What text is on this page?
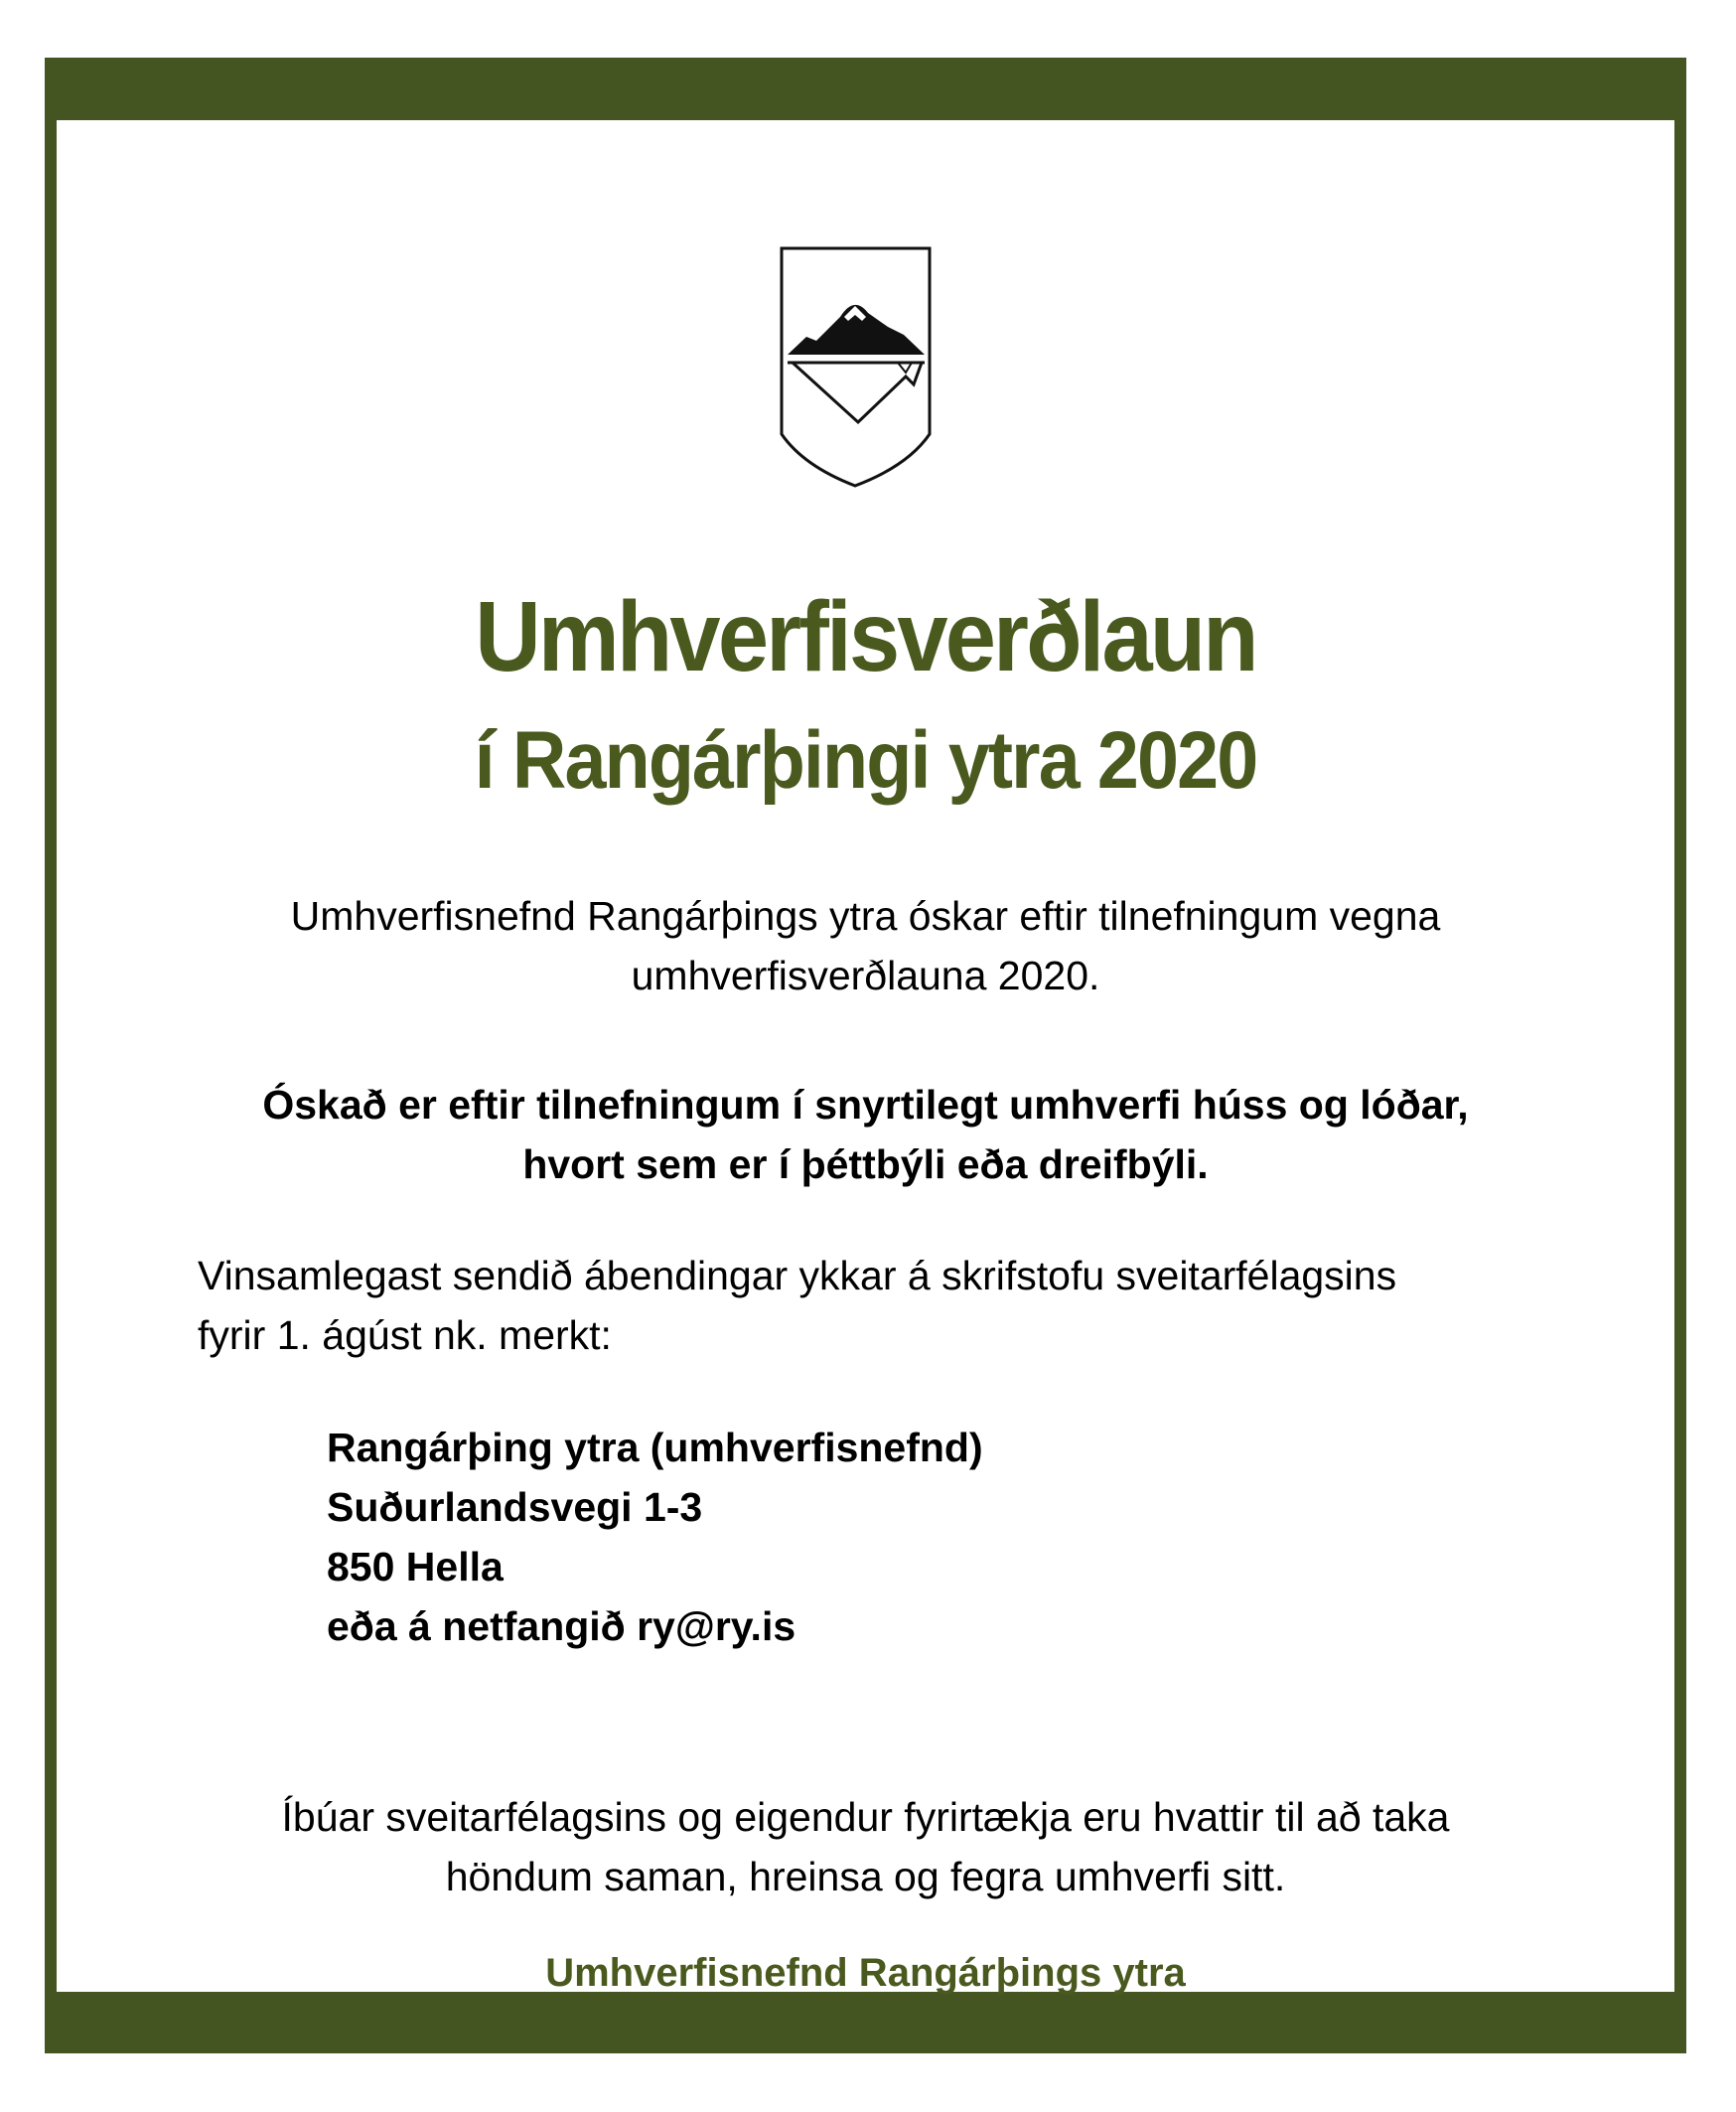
Umhverfisverðlaun
í Rangárþingi ytra 2020
Umhverfisnefnd Rangárþings ytra óskar eftir tilnefningum vegna
umhverfisverðlauna 2020.
Óskað er eftir tilnefningum í snyrtilegt umhverfi húss og lóðar,
hvort sem er í þéttbýli eða dreifbýli.
Vinsamlegast sendið ábendingar ykkar á skrifstofu sveitarfélagsins
fyrir 1. ágúst nk. merkt:
Rangárþing ytra (umhverfisnefnd)
Suðurlandsvegi 1-3
850 Hella
eða á netfangið ry@ry.is
Íbúar sveitarfélagsins og eigendur fyrirtækja eru hvattir til að taka
höndum saman, hreinsa og fegra umhverfi sitt.
Umhverfisnefnd Rangárþings ytra
